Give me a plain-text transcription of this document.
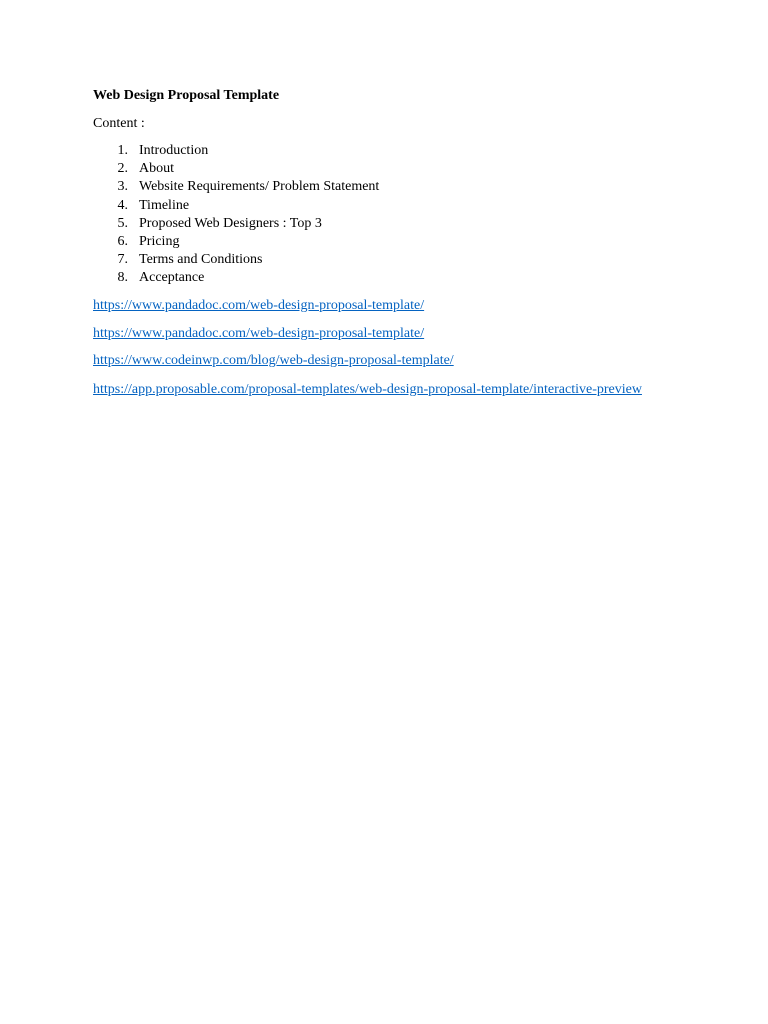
Web Design Proposal Template
Content :
1. Introduction
2. About
3. Website Requirements/ Problem Statement
4. Timeline
5. Proposed Web Designers : Top 3
6. Pricing
7. Terms and Conditions
8. Acceptance
https://www.pandadoc.com/web-design-proposal-template/
https://www.pandadoc.com/web-design-proposal-template/
https://www.codeinwp.com/blog/web-design-proposal-template/
https://app.proposable.com/proposal-templates/web-design-proposal-template/interactive-preview
